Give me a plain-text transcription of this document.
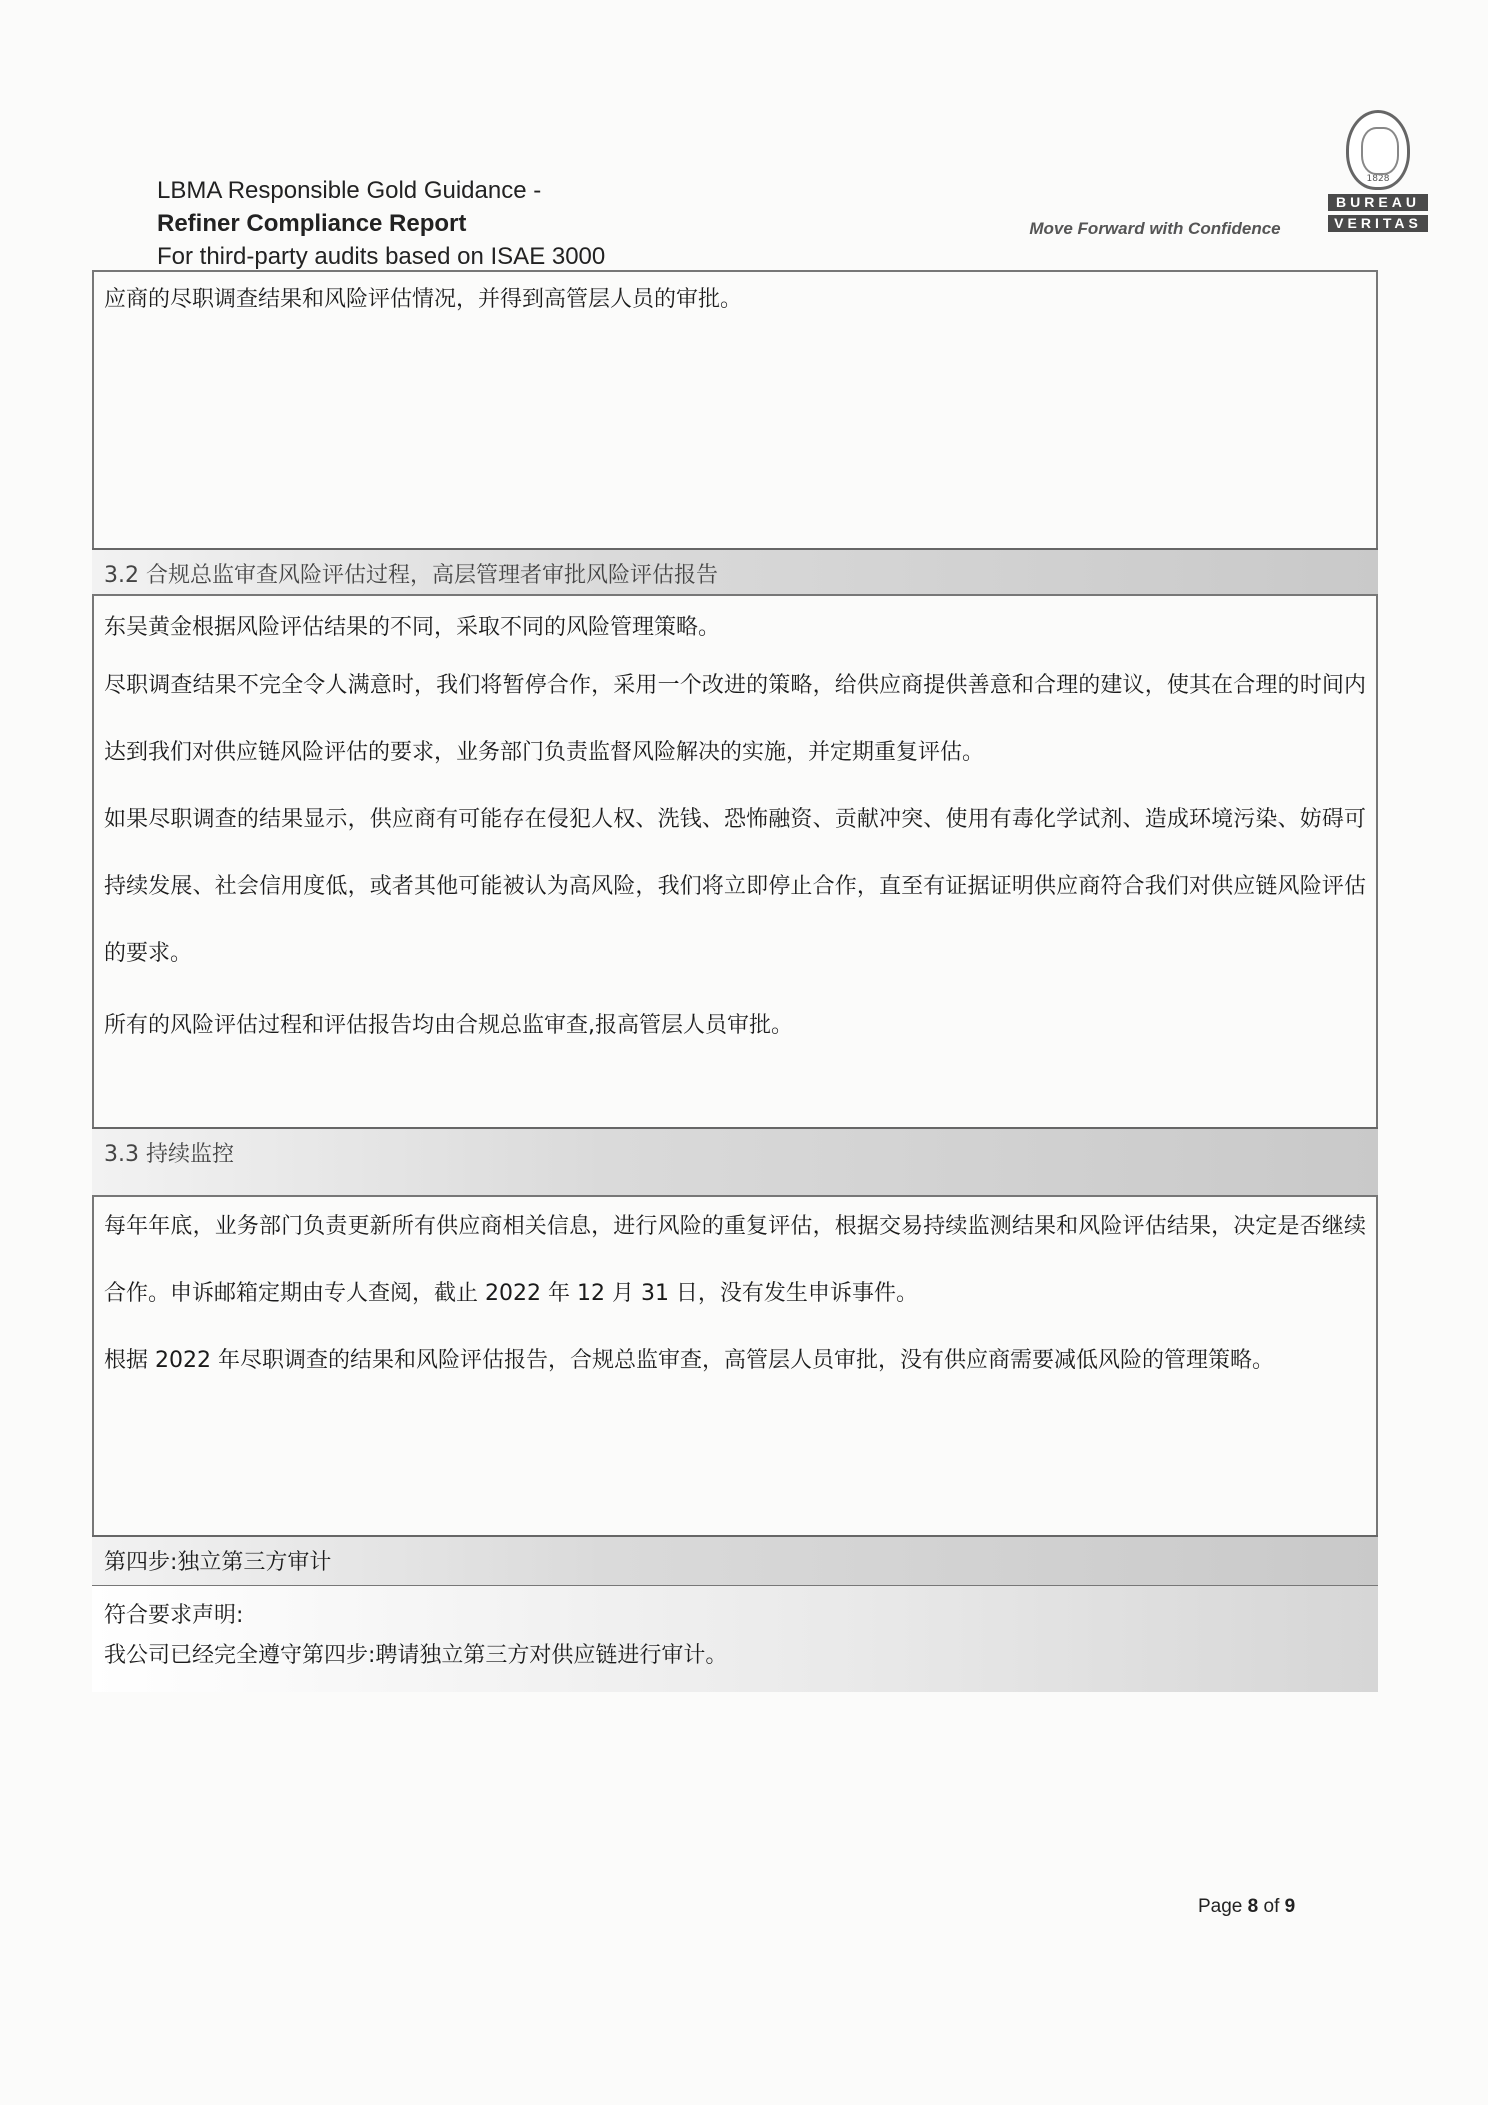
LBMA Responsible Gold Guidance -
Refiner Compliance Report
For third-party audits based on ISAE 3000
Move Forward with Confidence
1828
BUREAU
VERITAS
应商的尽职调查结果和风险评估情况，并得到高管层人员的审批。
3.2 合规总监审查风险评估过程，高层管理者审批风险评估报告
东吴黄金根据风险评估结果的不同，采取不同的风险管理策略。
尽职调查结果不完全令人满意时，我们将暂停合作，采用一个改进的策略，给供应商提供善意和合理的建议，使其在合理的时间内达到我们对供应链风险评估的要求，业务部门负责监督风险解决的实施，并定期重复评估。
如果尽职调查的结果显示，供应商有可能存在侵犯人权、洗钱、恐怖融资、贡献冲突、使用有毒化学试剂、造成环境污染、妨碍可持续发展、社会信用度低，或者其他可能被认为高风险，我们将立即停止合作，直至有证据证明供应商符合我们对供应链风险评估的要求。
所有的风险评估过程和评估报告均由合规总监审查,报高管层人员审批。
3.3 持续监控
每年年底，业务部门负责更新所有供应商相关信息，进行风险的重复评估，根据交易持续监测结果和风险评估结果，决定是否继续合作。申诉邮箱定期由专人查阅，截止 2022 年 12 月 31 日，没有发生申诉事件。
根据 2022 年尽职调查的结果和风险评估报告，合规总监审查，高管层人员审批，没有供应商需要减低风险的管理策略。
第四步:独立第三方审计
符合要求声明:
我公司已经完全遵守第四步:聘请独立第三方对供应链进行审计。
Page 8 of 9
